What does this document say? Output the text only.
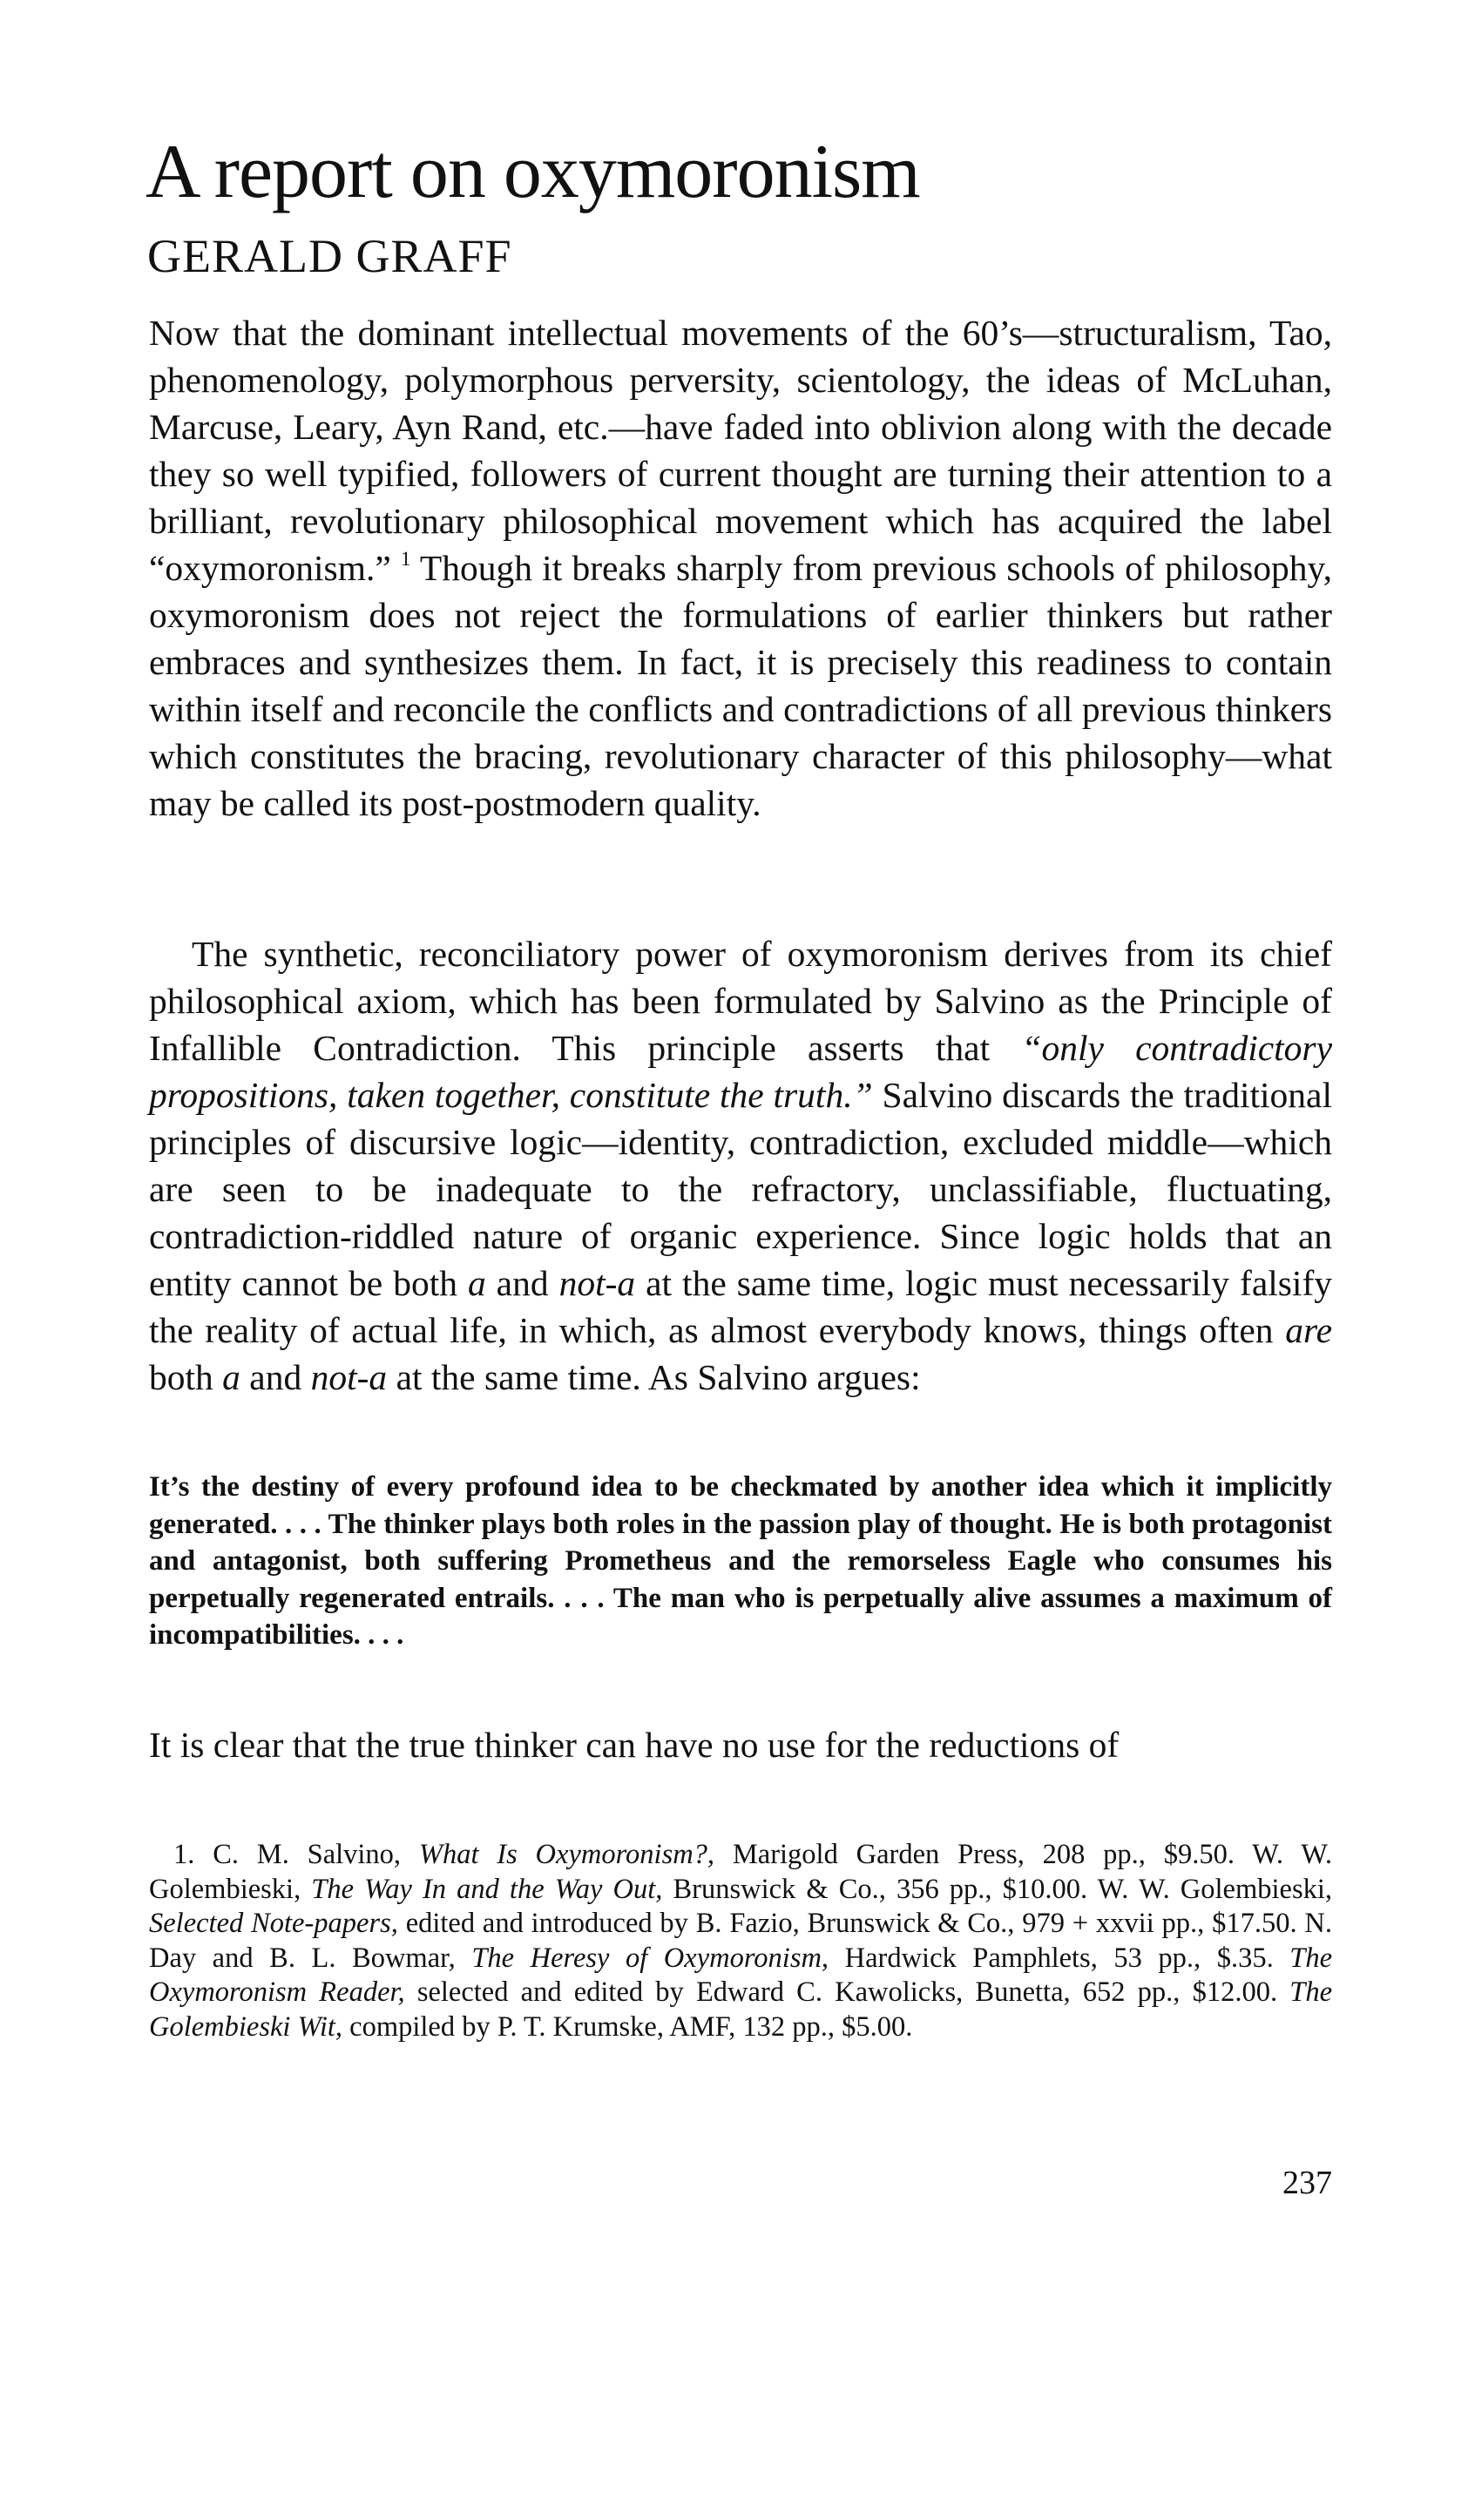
A report on oxymoronism
GERALD GRAFF

Now that the dominant intellectual movements of the 60’s—structuralism, Tao, phenomenology, polymorphous perversity, scientology, the ideas of McLuhan, Marcuse, Leary, Ayn Rand, etc.—have faded into oblivion along with the decade they so well typified, followers of current thought are turning their attention to a brilliant, revolutionary philosophical movement which has acquired the label “oxymoronism.” $^1$ Though it breaks sharply from previous schools of philosophy, oxymoronism does not reject the formulations of earlier thinkers but rather embraces and synthesizes them. In fact, it is precisely this readiness to contain within itself and reconcile the conflicts and contradictions of all previous thinkers which constitutes the bracing, revolutionary character of this philosophy—what may be called its post-postmodern quality.

The synthetic, reconciliatory power of oxymoronism derives from its chief philosophical axiom, which has been formulated by Salvino as the Principle of Infallible Contradiction. This principle asserts that “only contradictory propositions, taken together, constitute the truth.” Salvino discards the traditional principles of discursive logic—identity, contradiction, excluded middle—which are seen to be inadequate to the refractory, unclassifiable, fluctuating, contradiction-riddled nature of organic experience. Since logic holds that an entity cannot be both a and not-a at the same time, logic must necessarily falsify the reality of actual life, in which, as almost everybody knows, things often are both a and not-a at the same time. As Salvino argues:

It’s the destiny of every profound idea to be checkmated by another idea which it implicitly generated. . . . The thinker plays both roles in the passion play of thought. He is both protagonist and antagonist, both suffering Prometheus and the remorseless Eagle who consumes his perpetually regenerated entrails. . . . The man who is perpetually alive assumes a maximum of incompatibilities. . . .

It is clear that the true thinker can have no use for the reductions of

1. C. M. Salvino, What Is Oxymoronism?, Marigold Garden Press, 208 pp., $9.50. W. W. Golembieski, The Way In and the Way Out, Brunswick & Co., 356 pp., $10.00. W. W. Golembieski, Selected Note-papers, edited and introduced by B. Fazio, Brunswick & Co., 979 + xxvii pp., $17.50. N. Day and B. L. Bowmar, The Heresy of Oxymoronism, Hardwick Pamphlets, 53 pp., $.35. The Oxymoronism Reader, selected and edited by Edward C. Kawolicks, Bunetta, 652 pp., $12.00. The Golembieski Wit, compiled by P. T. Krumske, AMF, 132 pp., $5.00.

237
